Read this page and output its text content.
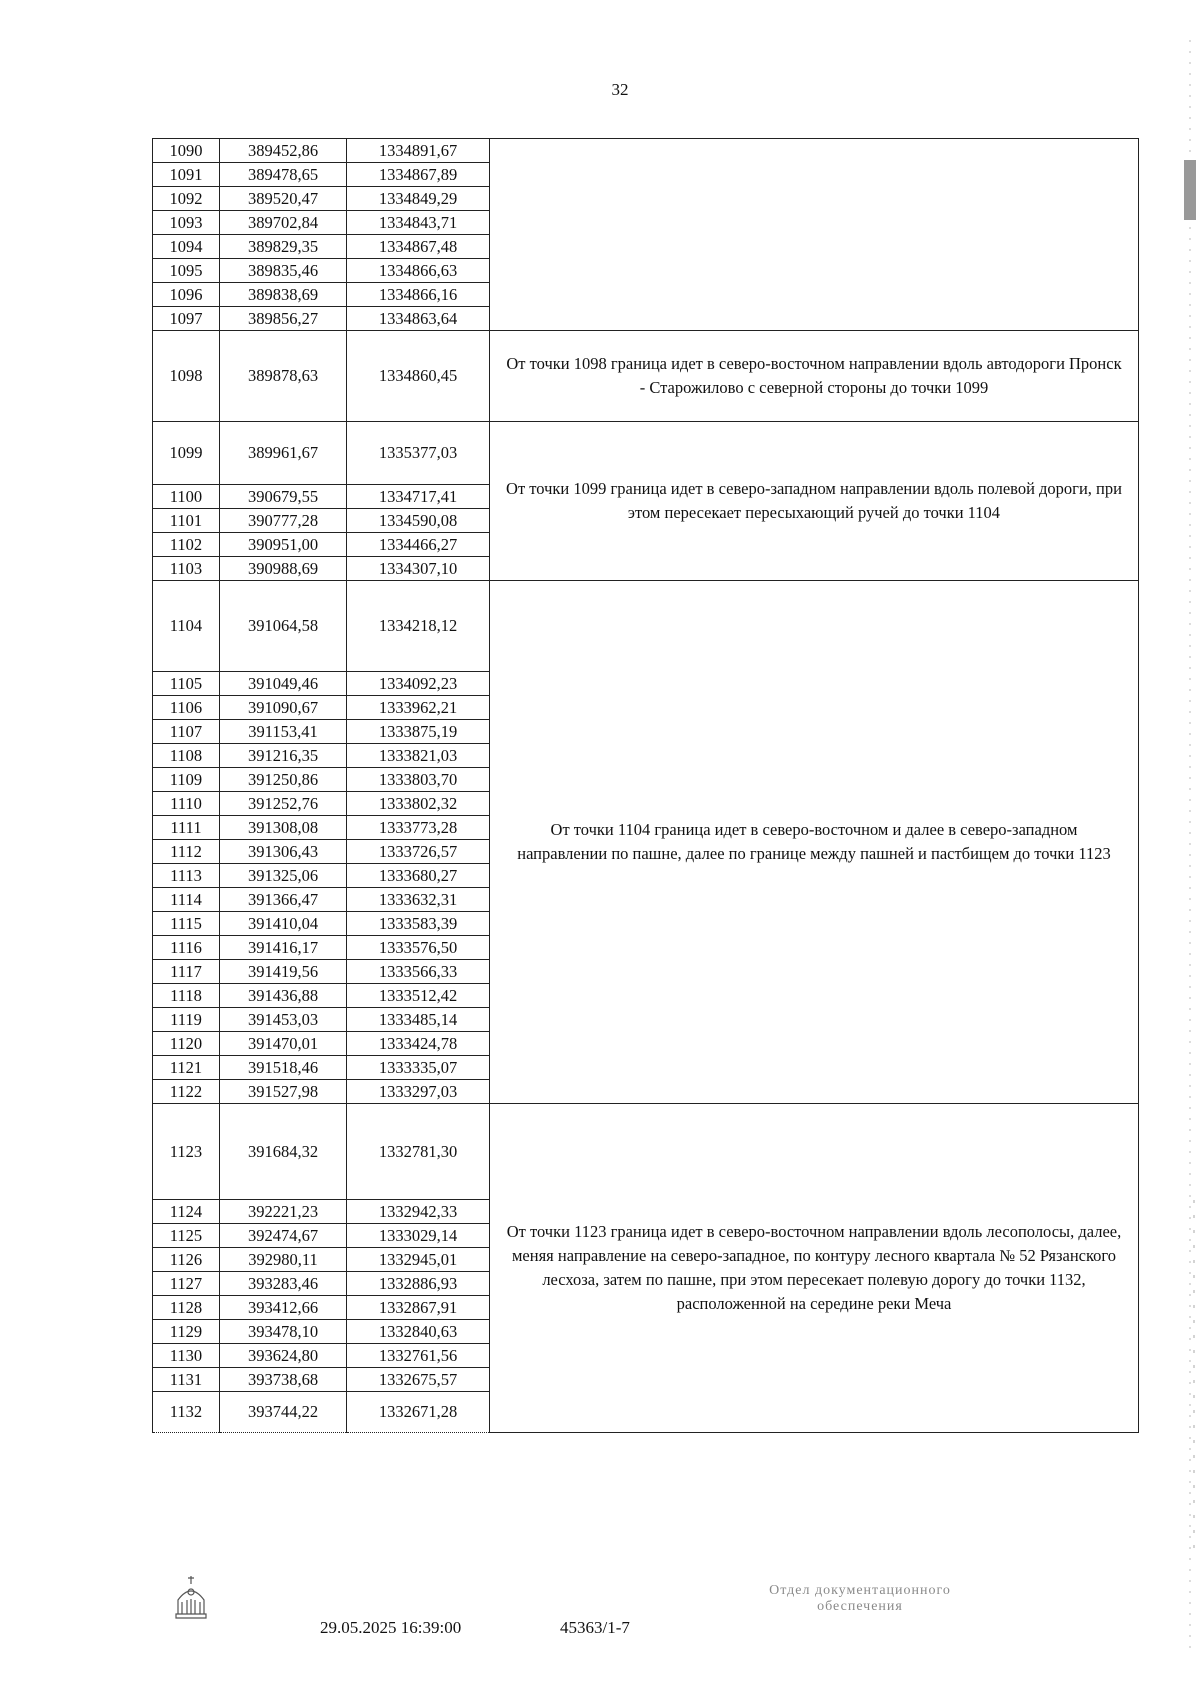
32
1090	389452,86	1334891,67	
1091	389478,65	1334867,89	
1092	389520,47	1334849,29	
1093	389702,84	1334843,71	
1094	389829,35	1334867,48	
1095	389835,46	1334866,63	
1096	389838,69	1334866,16	
1097	389856,27	1334863,64	
1098	389878,63	1334860,45	От точки 1098 граница идет в северо-восточном направлении вдоль автодороги Пронск - Старожилово с северной стороны до точки 1099
1099	389961,67	1335377,03	От точки 1099 граница идет в северо-западном направлении вдоль полевой дороги, при этом пересекает пересыхающий ручей до точки 1104
1100	390679,55	1334717,41	
1101	390777,28	1334590,08	
1102	390951,00	1334466,27	
1103	390988,69	1334307,10	
1104	391064,58	1334218,12	От точки 1104 граница идет в северо-восточном и далее в северо-западном направлении по пашне, далее по границе между пашней и пастбищем до точки 1123
1105	391049,46	1334092,23	
1106	391090,67	1333962,21	
1107	391153,41	1333875,19	
1108	391216,35	1333821,03	
1109	391250,86	1333803,70	
1110	391252,76	1333802,32	
1111	391308,08	1333773,28	
1112	391306,43	1333726,57	
1113	391325,06	1333680,27	
1114	391366,47	1333632,31	
1115	391410,04	1333583,39	
1116	391416,17	1333576,50	
1117	391419,56	1333566,33	
1118	391436,88	1333512,42	
1119	391453,03	1333485,14	
1120	391470,01	1333424,78	
1121	391518,46	1333335,07	
1122	391527,98	1333297,03	
1123	391684,32	1332781,30	От точки 1123 граница идет в северо-восточном направлении вдоль лесополосы, далее, меняя направление на северо-западное, по контуру лесного квартала № 52 Рязанского лесхоза, затем по пашне, при этом пересекает полевую дорогу до точки 1132, расположенной на середине реки Меча
1124	392221,23	1332942,33	
1125	392474,67	1333029,14	
1126	392980,11	1332945,01	
1127	393283,46	1332886,93	
1128	393412,66	1332867,91	
1129	393478,10	1332840,63	
1130	393624,80	1332761,56	
1131	393738,68	1332675,57	
1132	393744,22	1332671,28	
29.05.2025 16:39:00	45363/1-7
Отдел документационного
обеспечения
